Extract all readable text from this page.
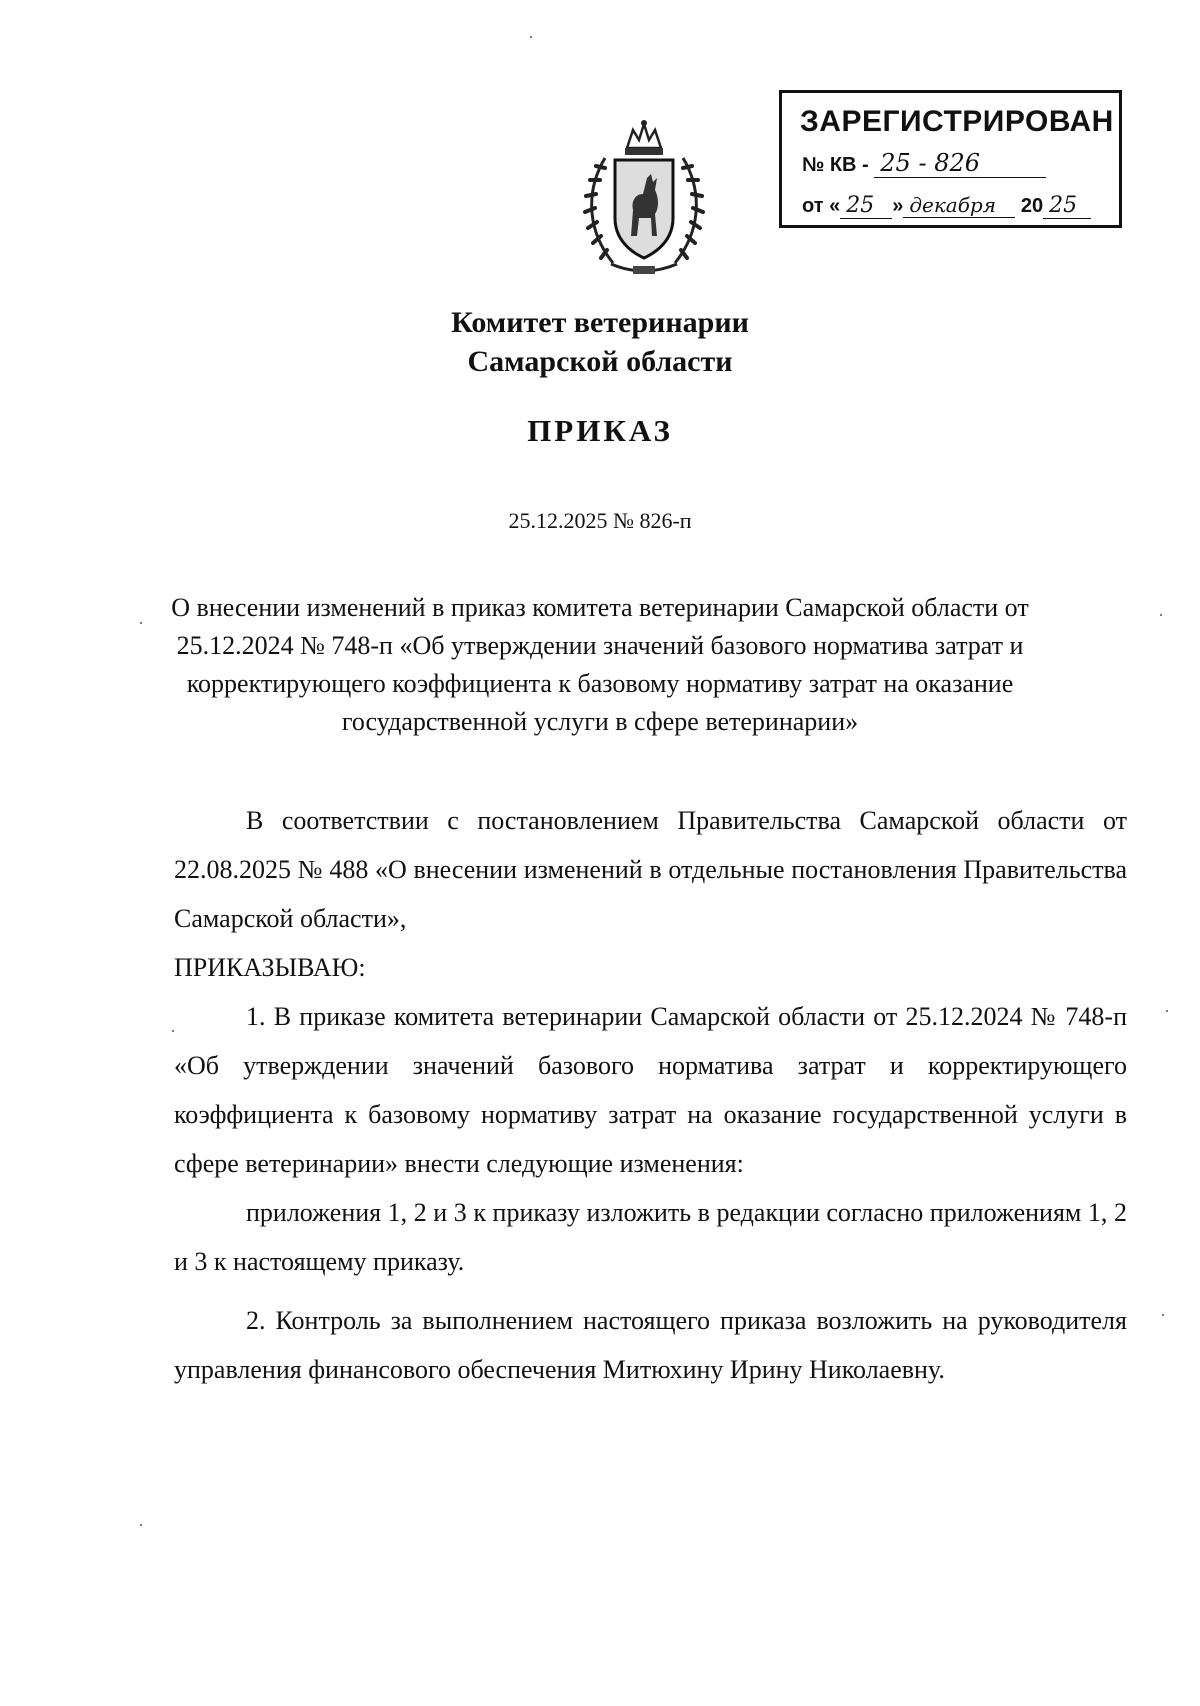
ЗАРЕГИСТРИРОВАН
№ КВ - 25 - 826
от « 25 » декабря 20 25
Комитет ветеринарии
Самарской области
ПРИКАЗ
25.12.2025 № 826-п
О внесении изменений в приказ комитета ветеринарии Самарской области от
25.12.2024 № 748-п «Об утверждении значений базового норматива затрат и
корректирующего коэффициента к базовому нормативу затрат на оказание
государственной услуги в сфере ветеринарии»

В соответствии с постановлением Правительства Самарской области от 22.08.2025 № 488 «О внесении изменений в отдельные постановления Правительства Самарской области»,

ПРИКАЗЫВАЮ:

1. В приказе комитета ветеринарии Самарской области от 25.12.2024 № 748-п «Об утверждении значений базового норматива затрат и корректирующего коэффициента к базовому нормативу затрат на оказание государственной услуги в сфере ветеринарии» внести следующие изменения:

приложения 1, 2 и 3 к приказу изложить в редакции согласно приложениям 1, 2 и 3 к настоящему приказу.

2. Контроль за выполнением настоящего приказа возложить на руководителя управления финансового обеспечения Митюхину Ирину Николаевну.
